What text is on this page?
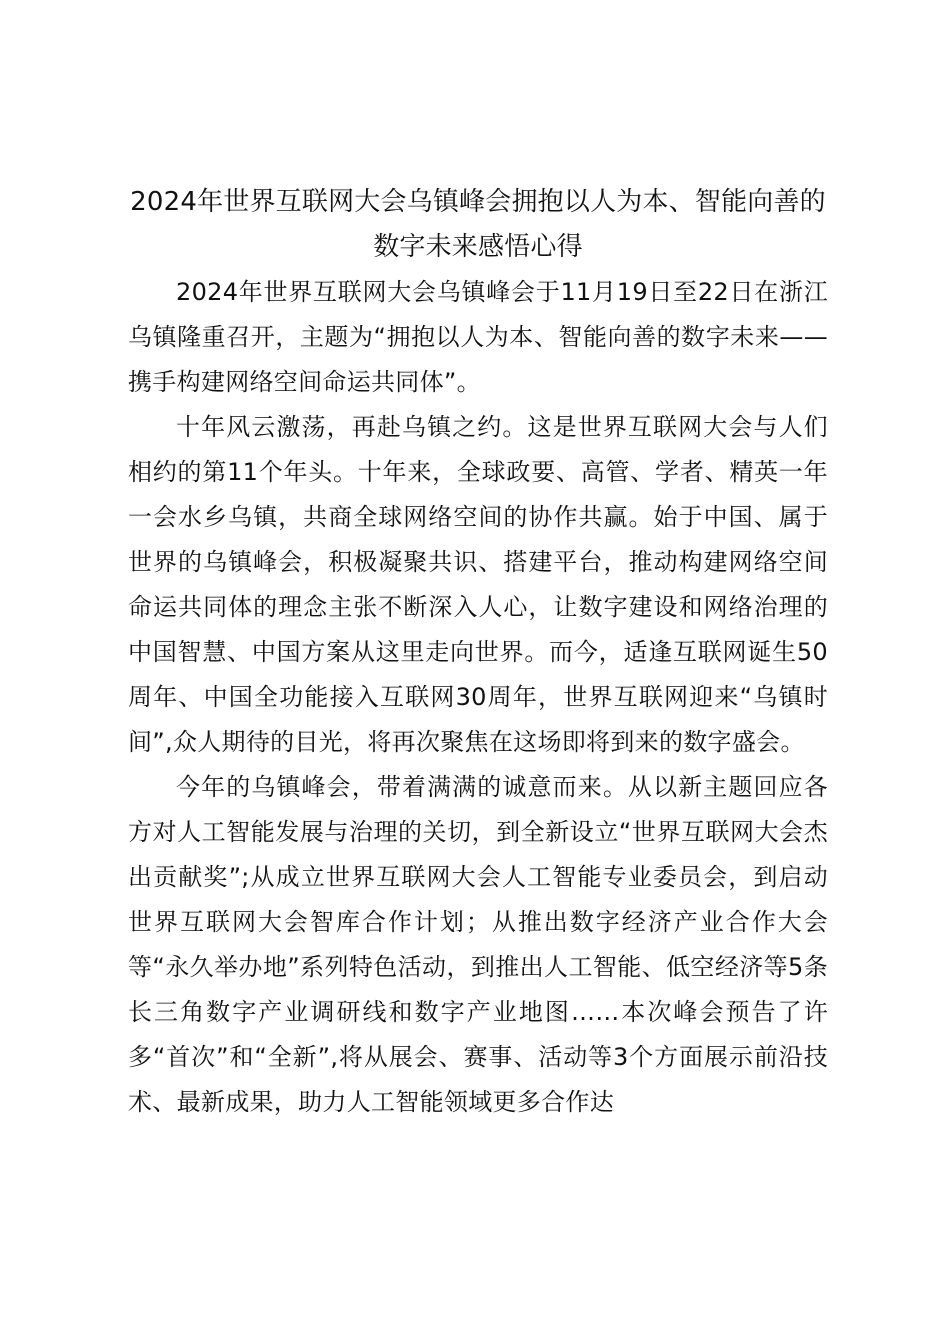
2024年世界互联网大会乌镇峰会拥抱以人为本、智能向善的数字未来感悟心得

2024年世界互联网大会乌镇峰会于11月19日至22日在浙江乌镇隆重召开，主题为“拥抱以人为本、智能向善的数字未来——携手构建网络空间命运共同体”。

十年风云激荡，再赴乌镇之约。这是世界互联网大会与人们相约的第11个年头。十年来，全球政要、高管、学者、精英一年一会水乡乌镇，共商全球网络空间的协作共赢。始于中国、属于世界的乌镇峰会，积极凝聚共识、搭建平台，推动构建网络空间命运共同体的理念主张不断深入人心，让数字建设和网络治理的中国智慧、中国方案从这里走向世界。而今，适逢互联网诞生50周年、中国全功能接入互联网30周年，世界互联网迎来“乌镇时间”,众人期待的目光，将再次聚焦在这场即将到来的数字盛会。

今年的乌镇峰会，带着满满的诚意而来。从以新主题回应各方对人工智能发展与治理的关切，到全新设立“世界互联网大会杰出贡献奖”;从成立世界互联网大会人工智能专业委员会，到启动世界互联网大会智库合作计划；从推出数字经济产业合作大会等“永久举办地”系列特色活动，到推出人工智能、低空经济等5条长三角数字产业调研线和数字产业地图……本次峰会预告了许多“首次”和“全新”,将从展会、赛事、活动等3个方面展示前沿技术、最新成果，助力人工智能领域更多合作达
